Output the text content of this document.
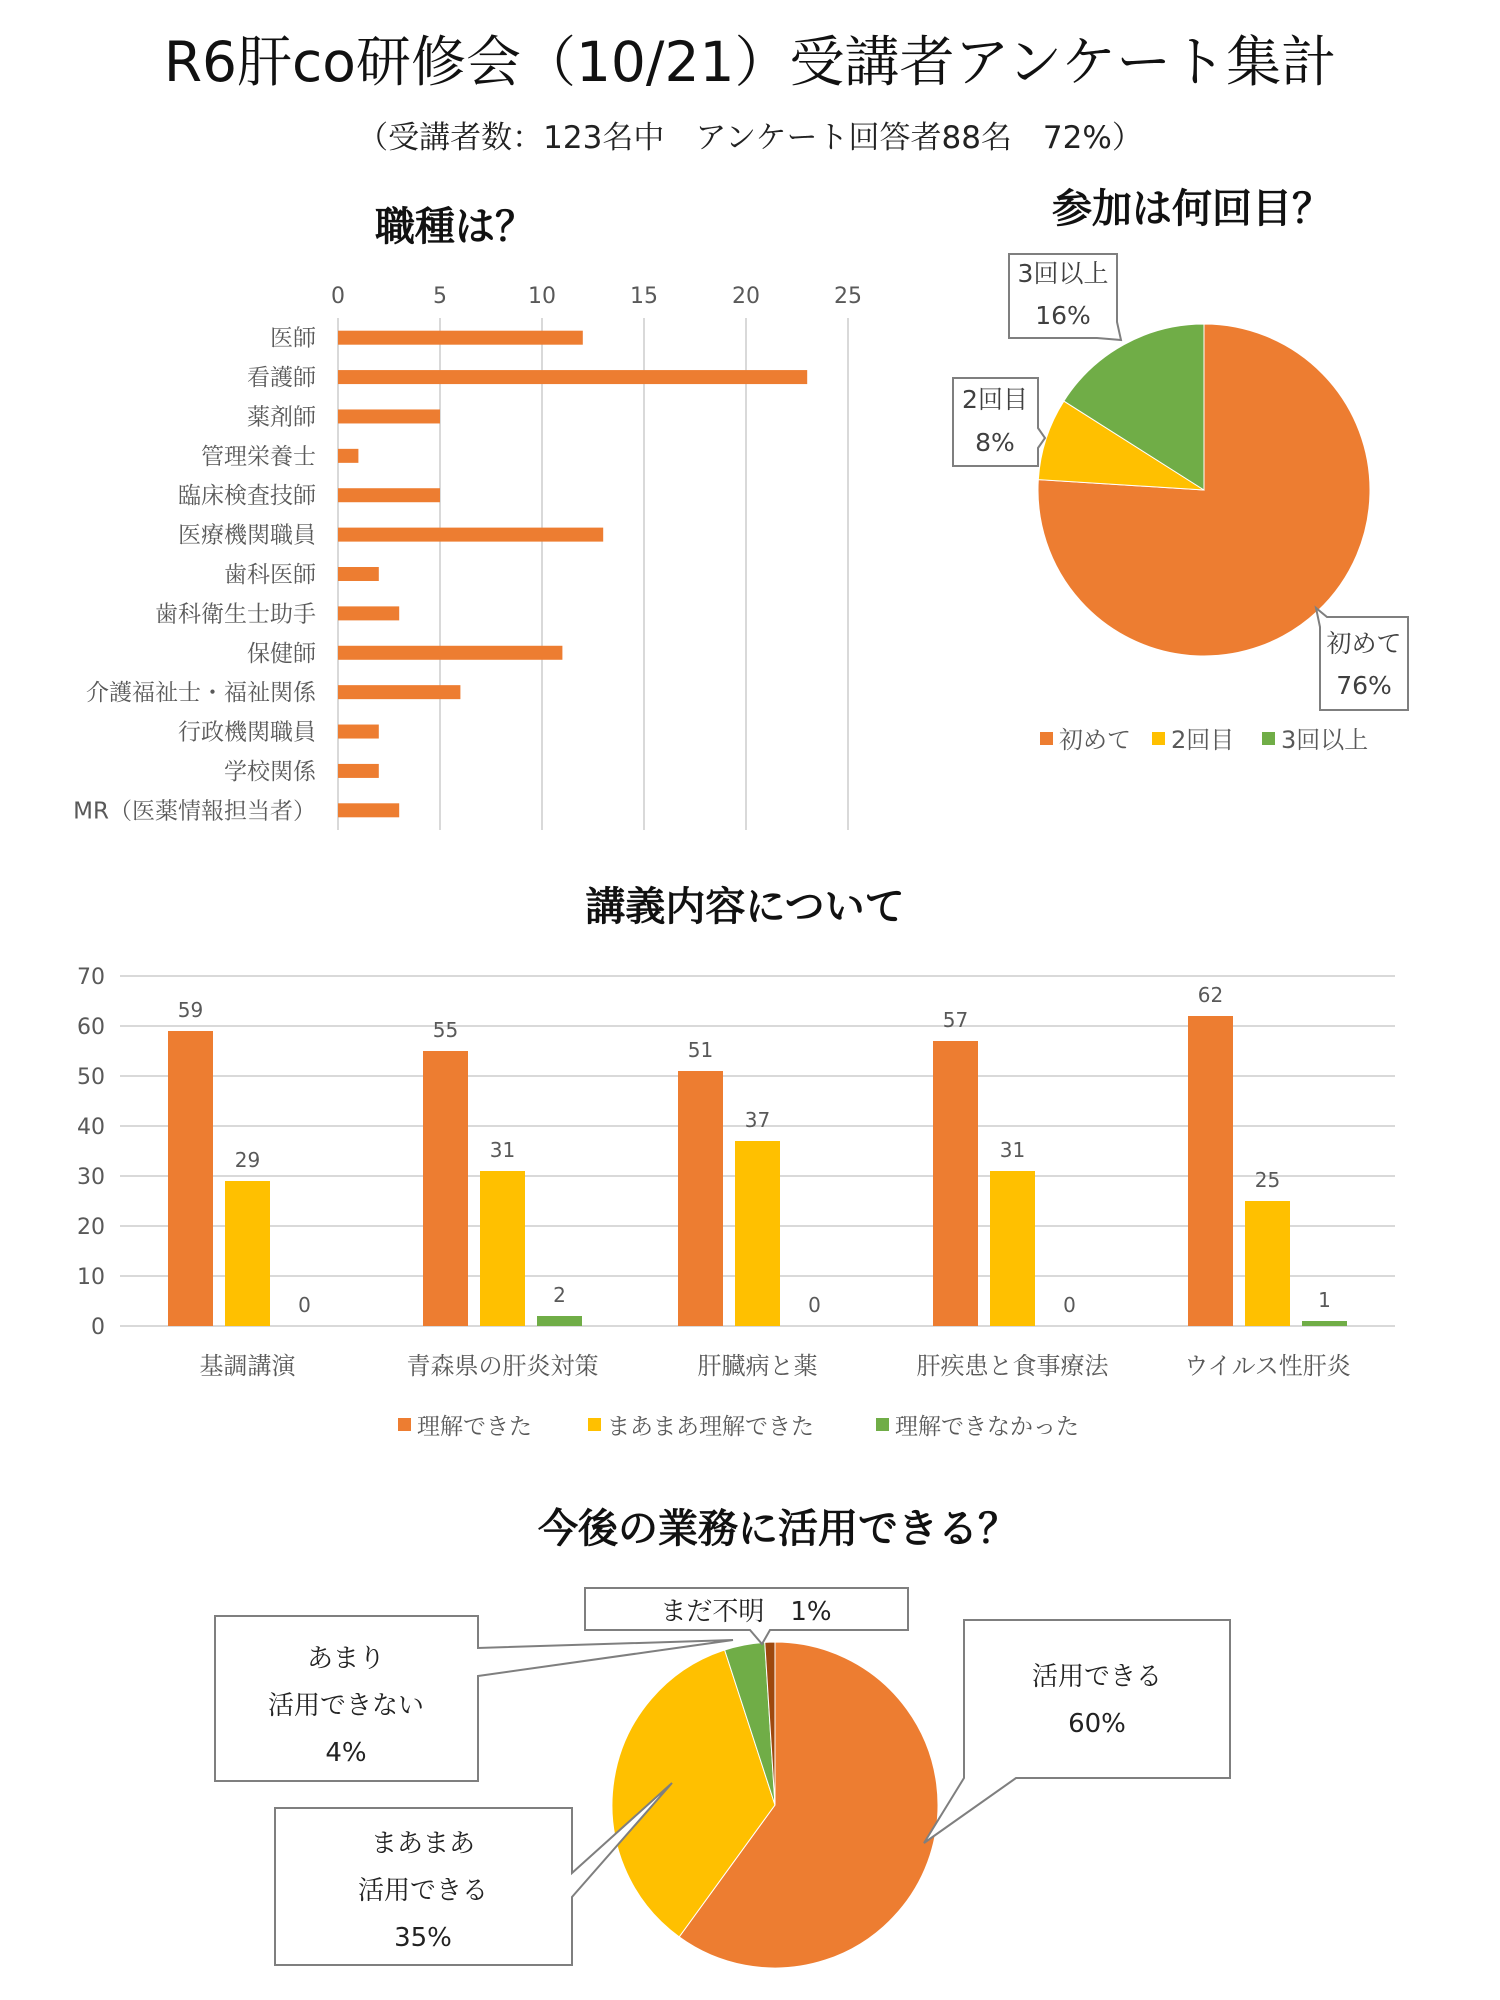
R6肝co研修会（10/21）受講者アンケート集計
（受講者数：123名中　アンケート回答者88名　72%）
職種は？
0	5	10	15	20	25
医師
看護師
薬剤師
管理栄養士
臨床検査技師
医療機関職員
歯科医師
歯科衛生士助手
保健師
介護福祉士・福祉関係
行政機関職員
学校関係
MR（医薬情報担当者）
参加は何回目？
初めて
76%
2回目
8%
3回以上
16%
初めて 2回目 3回以上
講義内容について
0
10
20
30
40
50
60
70
59
29
0
基調講演
55
31
2
青森県の肝炎対策
51
37
0
肝臓病と薬
57
31
0
肝疾患と食事療法
62
25
1
ウイルス性肝炎
理解できた	まあまあ理解できた	理解できなかった
今後の業務に活用できる？
活用できる
60%
まあまあ
活用できる
35%
あまり
活用できない
4%
まだ不明　1%
